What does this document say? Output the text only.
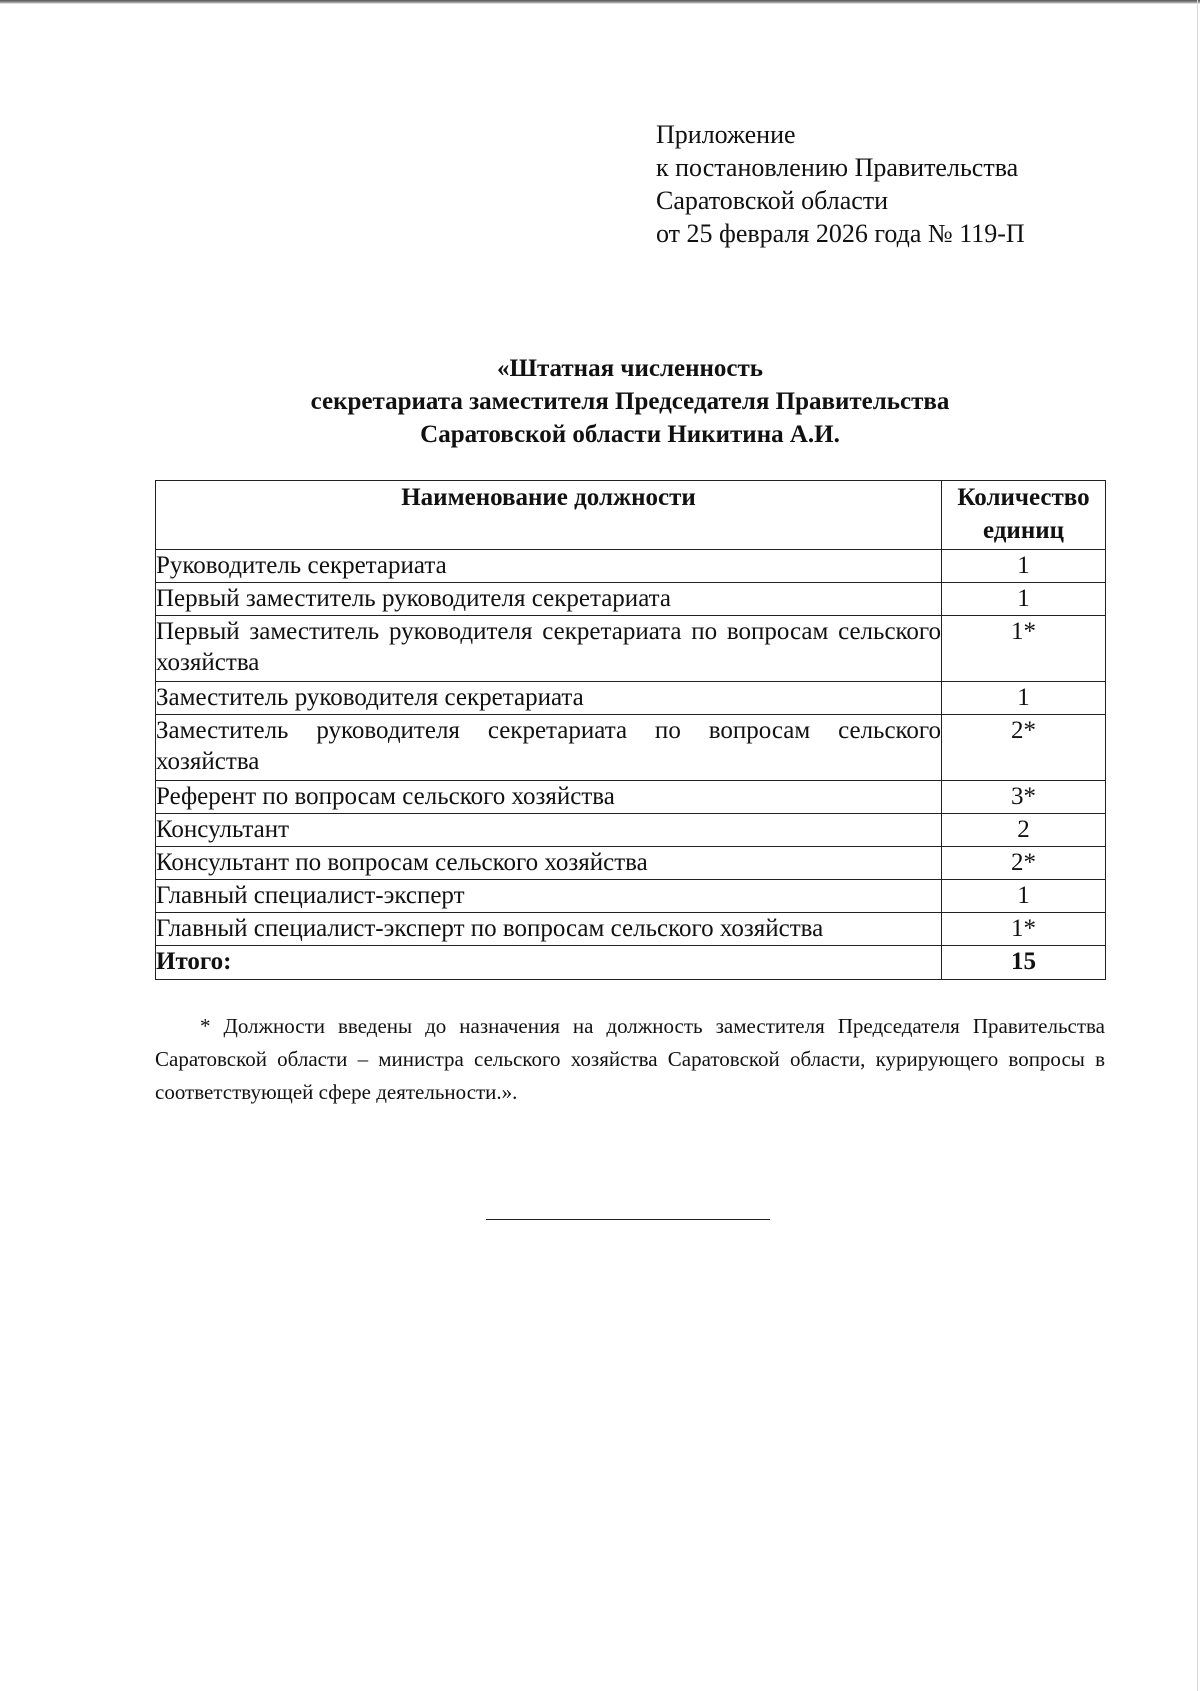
Приложение
к постановлению Правительства
Саратовской области
от 25 февраля 2026 года № 119-П
«Штатная численность
секретариата заместителя Председателя Правительства
Саратовской области Никитина А.И.
Наименование должности	Количество
единиц

Руководитель секретариата	1
Первый заместитель руководителя секретариата	1
Первый заместитель руководителя секретариата по вопросам сельского хозяйства	1*
Заместитель руководителя секретариата	1
Заместитель руководителя секретариата по вопросам сельского хозяйства	2*
Референт по вопросам сельского хозяйства	3*
Консультант	2
Консультант по вопросам сельского хозяйства	2*
Главный специалист-эксперт	1
Главный специалист-эксперт по вопросам сельского хозяйства	1*
Итого:	15
* Должности введены до назначения на должность заместителя Председателя Правительства Саратовской области – министра сельского хозяйства Саратовской области, курирующего вопросы в соответствующей сфере деятельности.».
